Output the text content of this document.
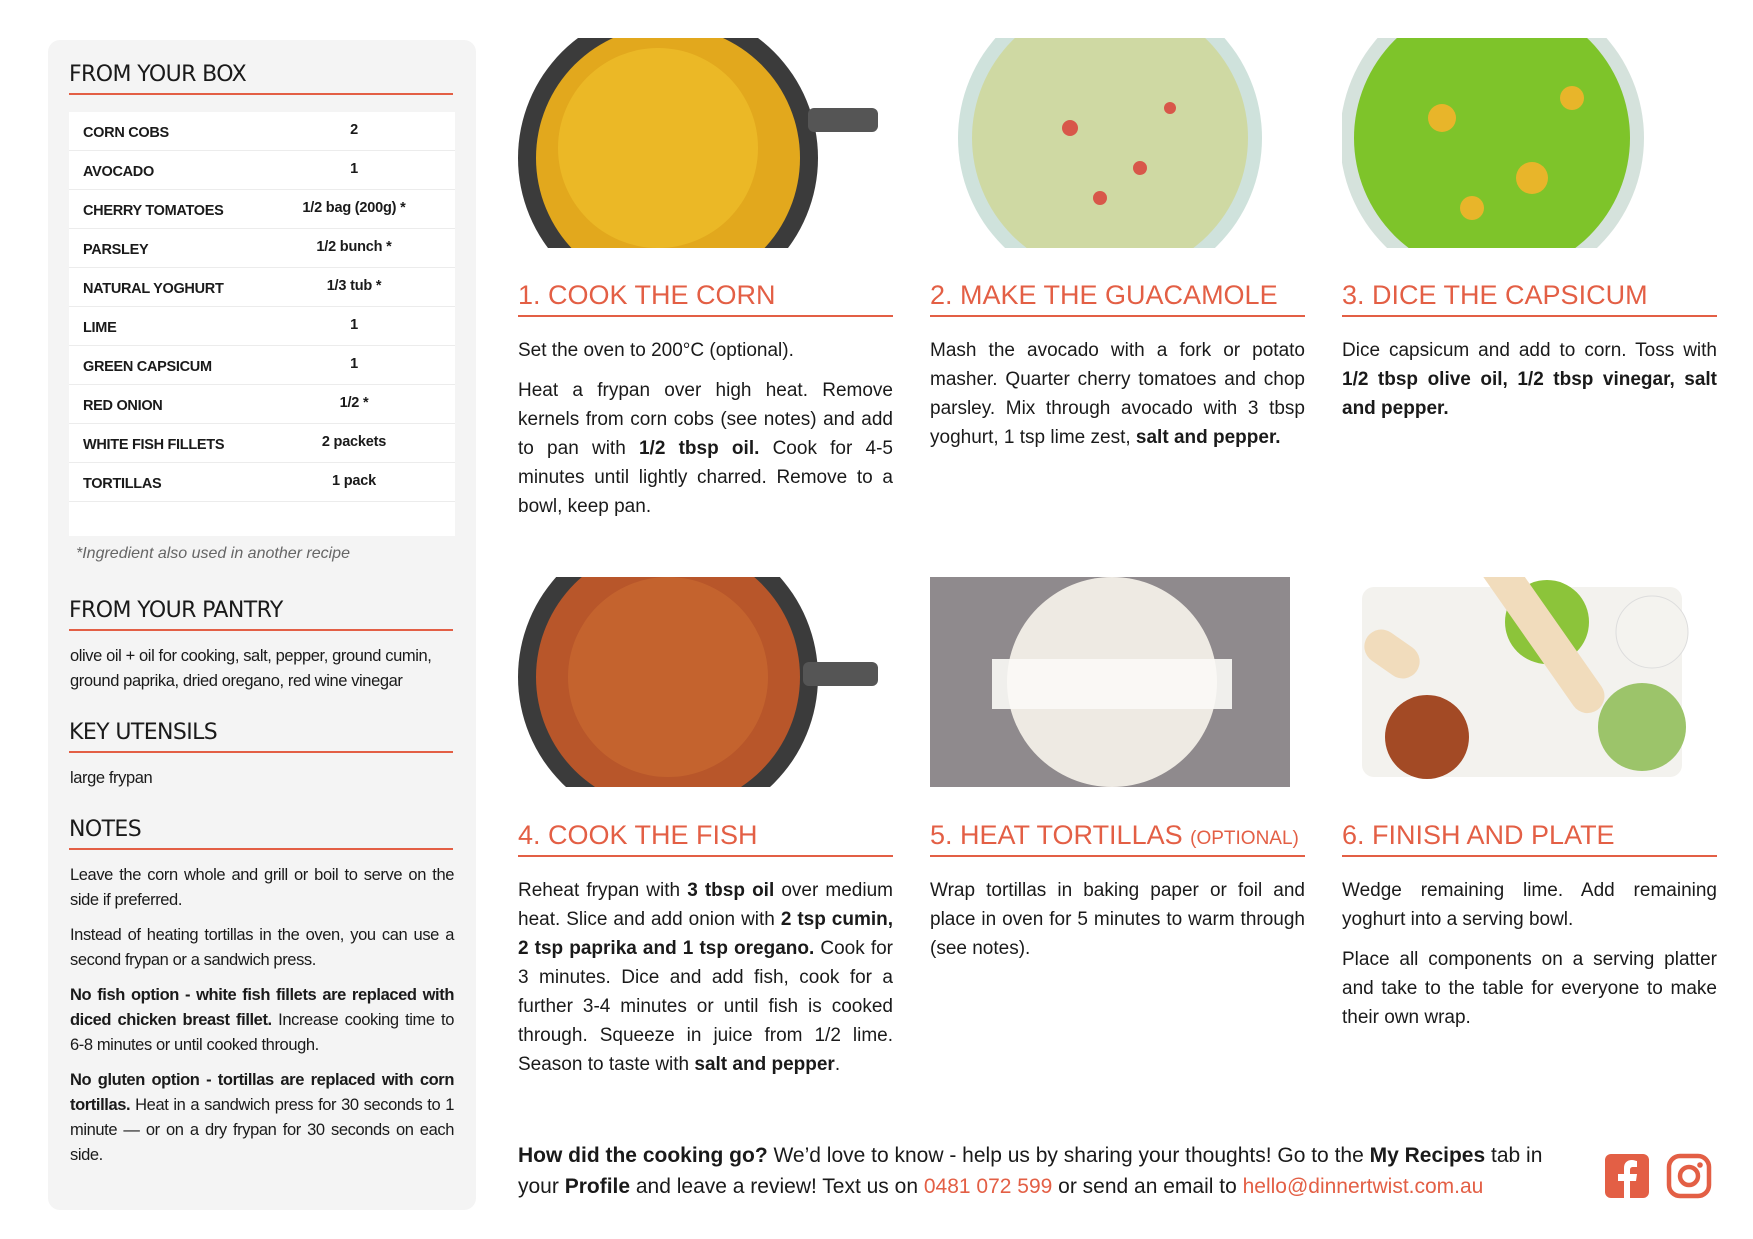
FROM YOUR BOX
CORN COBS	2
AVOCADO	1
CHERRY TOMATOES	1/2 bag (200g) *
PARSLEY	1/2 bunch *
NATURAL YOGHURT	1/3 tub *
LIME	1
GREEN CAPSICUM	1
RED ONION	1/2 *
WHITE FISH FILLETS	2 packets
TORTILLAS	1 pack
*Ingredient also used in another recipe
FROM YOUR PANTRY
olive oil + oil for cooking, salt, pepper, ground cumin, ground paprika, dried oregano, red wine vinegar
KEY UTENSILS
large frypan
NOTES

Leave the corn whole and grill or boil to serve on the side if preferred.

Instead of heating tortillas in the oven, you can use a second frypan or a sandwich press.

No fish option - white fish fillets are replaced with diced chicken breast fillet. Increase cooking time to 6-8 minutes or until cooked through.

No gluten option - tortillas are replaced with corn tortillas. Heat in a sandwich press for 30 seconds to 1 minute — or on a dry frypan for 30 seconds on each side.

1. COOK THE CORN

Set the oven to 200°C (optional).

Heat a frypan over high heat. Remove kernels from corn cobs (see notes) and add to pan with 1/2 tbsp oil. Cook for 4-5 minutes until lightly charred. Remove to a bowl, keep pan.

2. MAKE THE GUACAMOLE

Mash the avocado with a fork or potato masher. Quarter cherry tomatoes and chop parsley. Mix through avocado with 3 tbsp yoghurt, 1 tsp lime zest, salt and pepper.

3. DICE THE CAPSICUM

Dice capsicum and add to corn. Toss with 1/2 tbsp olive oil, 1/2 tbsp vinegar, salt and pepper.

4. COOK THE FISH

Reheat frypan with 3 tbsp oil over medium heat. Slice and add onion with 2 tsp cumin, 2 tsp paprika and 1 tsp oregano. Cook for 3 minutes. Dice and add fish, cook for a further 3-4 minutes or until fish is cooked through. Squeeze in juice from 1/2 lime. Season to taste with salt and pepper.

5. HEAT TORTILLAS (OPTIONAL)

Wrap tortillas in baking paper or foil and place in oven for 5 minutes to warm through (see notes).

6. FINISH AND PLATE

Wedge remaining lime. Add remaining yoghurt into a serving bowl.

Place all components on a serving platter and take to the table for everyone to make their own wrap.

How did the cooking go? We’d love to know - help us by sharing your thoughts! Go to the My Recipes tab in your Profile and leave a review! Text us on 0481 072 599 or send an email to hello@dinnertwist.com.au
